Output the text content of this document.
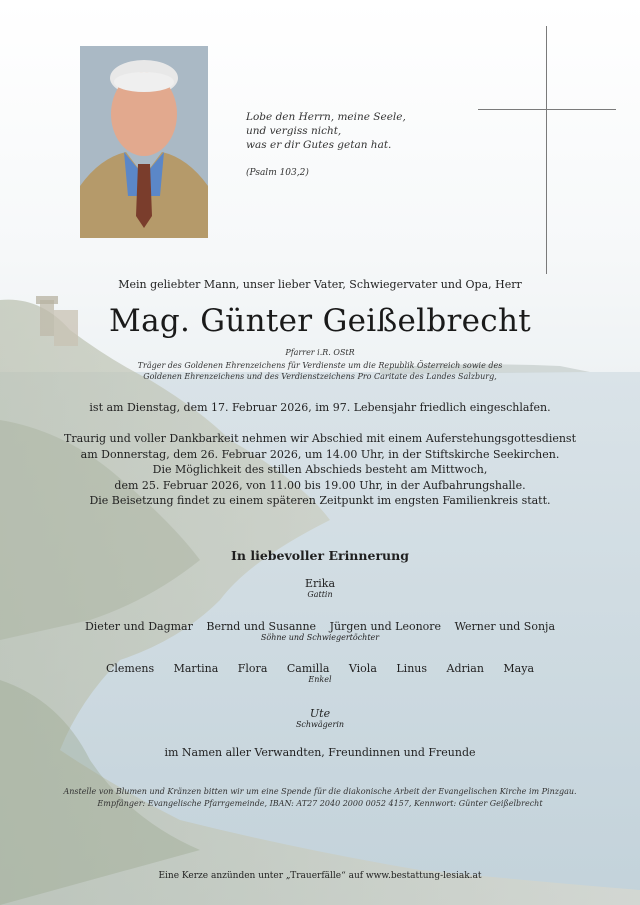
Lobe den Herrn, meine Seele,
und vergiss nicht,
was er dir Gutes getan hat.
(Psalm 103,2)
Mein geliebter Mann, unser lieber Vater, Schwiegervater und Opa, Herr
Mag. Günter Geißelbrecht
Pfarrer i.R. OStR
Träger des Goldenen Ehrenzeichens für Verdienste um die Republik Österreich sowie des
Goldenen Ehrenzeichens und des Verdienstzeichens Pro Caritate des Landes Salzburg,
ist am Dienstag, dem 17. Februar 2026, im 97. Lebensjahr friedlich eingeschlafen.
Traurig und voller Dankbarkeit nehmen wir Abschied mit einem Auferstehungsgottesdienst
am Donnerstag, dem 26. Februar 2026, um 14.00 Uhr, in der Stiftskirche Seekirchen.
Die Möglichkeit des stillen Abschieds besteht am Mittwoch,
dem 25. Februar 2026, von 11.00 bis 19.00 Uhr, in der Aufbahrungshalle.
Die Beisetzung findet zu einem späteren Zeitpunkt im engsten Familienkreis statt.
In liebevoller Erinnerung
Erika
Gattin
Dieter und Dagmar Bernd und Susanne Jürgen und Leonore Werner und Sonja
Söhne und Schwiegertöchter
Clemens Martina Flora Camilla Viola Linus Adrian Maya
Enkel
Ute
Schwägerin
im Namen aller Verwandten, Freundinnen und Freunde
Anstelle von Blumen und Kränzen bitten wir um eine Spende für die diakonische Arbeit der Evangelischen Kirche im Pinzgau.
Empfänger: Evangelische Pfarrgemeinde, IBAN: AT27 2040 2000 0052 4157, Kennwort: Günter Geißelbrecht
Eine Kerze anzünden unter „Trauerfälle“ auf www.bestattung-lesiak.at
